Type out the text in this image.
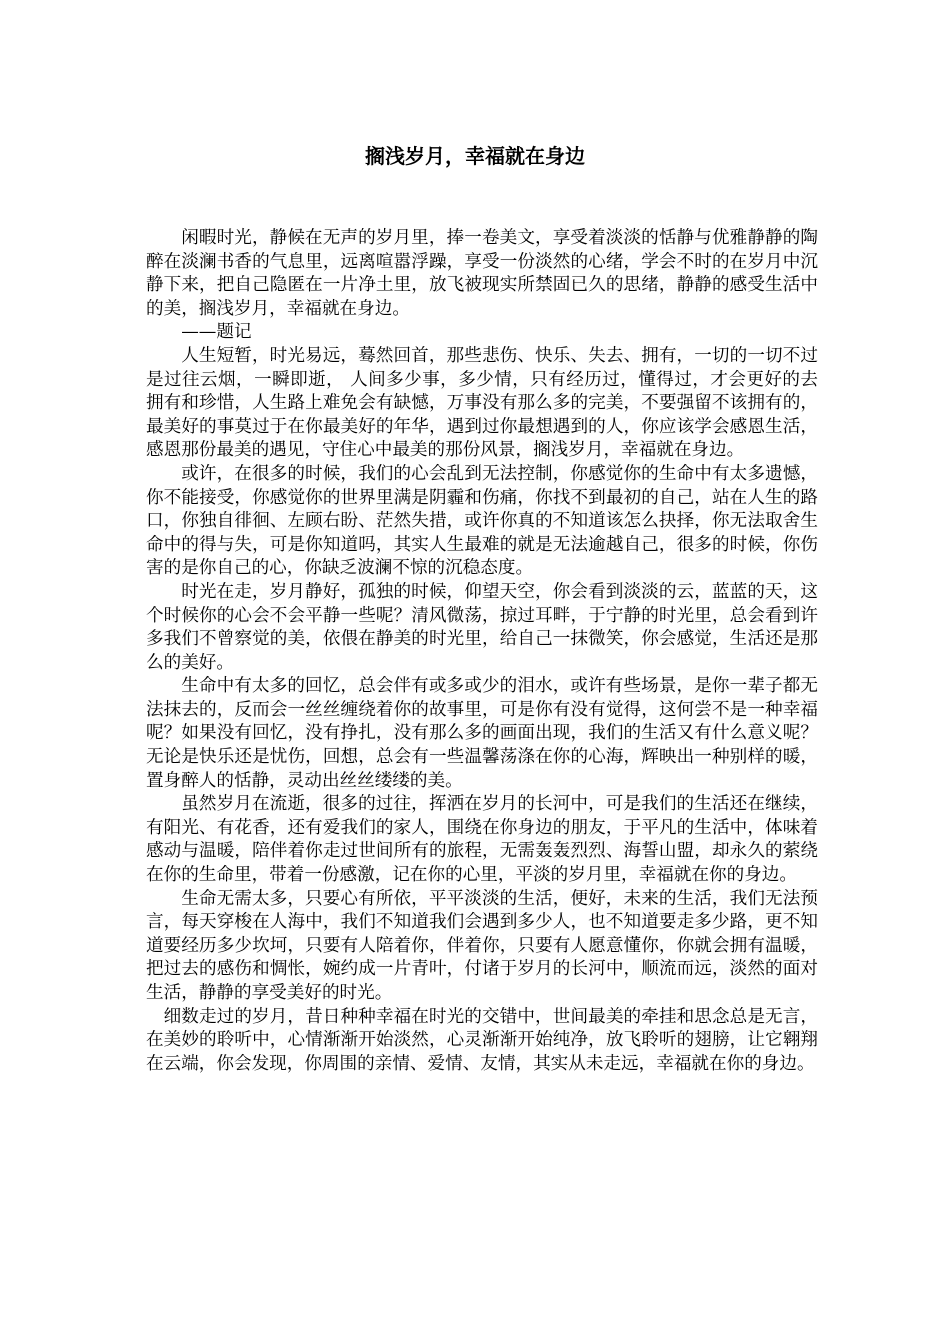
搁浅岁月，幸福就在身边

闲暇时光，静候在无声的岁月里，捧一卷美文，享受着淡淡的恬静与优雅静静的陶醉在淡澜书香的气息里，远离喧嚣浮躁，享受一份淡然的心绪，学会不时的在岁月中沉静下来，把自己隐匿在一片净土里，放飞被现实所禁固已久的思绪，静静的感受生活中的美，搁浅岁月，幸福就在身边。

——题记

人生短暂，时光易远，蓦然回首，那些悲伤、快乐、失去、拥有，一切的一切不过是过往云烟，一瞬即逝， 人间多少事，多少情，只有经历过，懂得过，才会更好的去拥有和珍惜，人生路上难免会有缺憾，万事没有那么多的完美，不要强留不该拥有的，最美好的事莫过于在你最美好的年华，遇到过你最想遇到的人，你应该学会感恩生活，感恩那份最美的遇见，守住心中最美的那份风景，搁浅岁月，幸福就在身边。

或许，在很多的时候，我们的心会乱到无法控制，你感觉你的生命中有太多遗憾，你不能接受，你感觉你的世界里满是阴霾和伤痛，你找不到最初的自己，站在人生的路口，你独自徘徊、左顾右盼、茫然失措，或许你真的不知道该怎么抉择，你无法取舍生命中的得与失，可是你知道吗，其实人生最难的就是无法逾越自己，很多的时候，你伤害的是你自己的心，你缺乏波澜不惊的沉稳态度。

时光在走，岁月静好，孤独的时候，仰望天空，你会看到淡淡的云，蓝蓝的天，这个时候你的心会不会平静一些呢？清风微荡，掠过耳畔，于宁静的时光里，总会看到许多我们不曾察觉的美，依偎在静美的时光里，给自己一抹微笑，你会感觉，生活还是那么的美好。

生命中有太多的回忆，总会伴有或多或少的泪水，或许有些场景，是你一辈子都无法抹去的，反而会一丝丝缠绕着你的故事里，可是你有没有觉得，这何尝不是一种幸福呢？如果没有回忆，没有挣扎，没有那么多的画面出现，我们的生活又有什么意义呢？无论是快乐还是忧伤，回想，总会有一些温馨荡涤在你的心海，辉映出一种别样的暖，置身醉人的恬静，灵动出丝丝缕缕的美。

虽然岁月在流逝，很多的过往，挥洒在岁月的长河中，可是我们的生活还在继续，有阳光、有花香，还有爱我们的家人，围绕在你身边的朋友，于平凡的生活中，体味着感动与温暖，陪伴着你走过世间所有的旅程，无需轰轰烈烈、海誓山盟，却永久的萦绕在你的生命里，带着一份感激，记在你的心里，平淡的岁月里，幸福就在你的身边。

生命无需太多，只要心有所依，平平淡淡的生活，便好，未来的生活，我们无法预言，每天穿梭在人海中，我们不知道我们会遇到多少人，也不知道要走多少路，更不知道要经历多少坎坷，只要有人陪着你，伴着你，只要有人愿意懂你，你就会拥有温暖，把过去的感伤和惆怅，婉约成一片青叶，付诸于岁月的长河中，顺流而远，淡然的面对生活，静静的享受美好的时光。

细数走过的岁月，昔日种种幸福在时光的交错中，世间最美的牵挂和思念总是无言，在美妙的聆听中，心情渐渐开始淡然，心灵渐渐开始纯净，放飞聆听的翅膀，让它翱翔在云端，你会发现，你周围的亲情、爱情、友情，其实从未走远，幸福就在你的身边。
